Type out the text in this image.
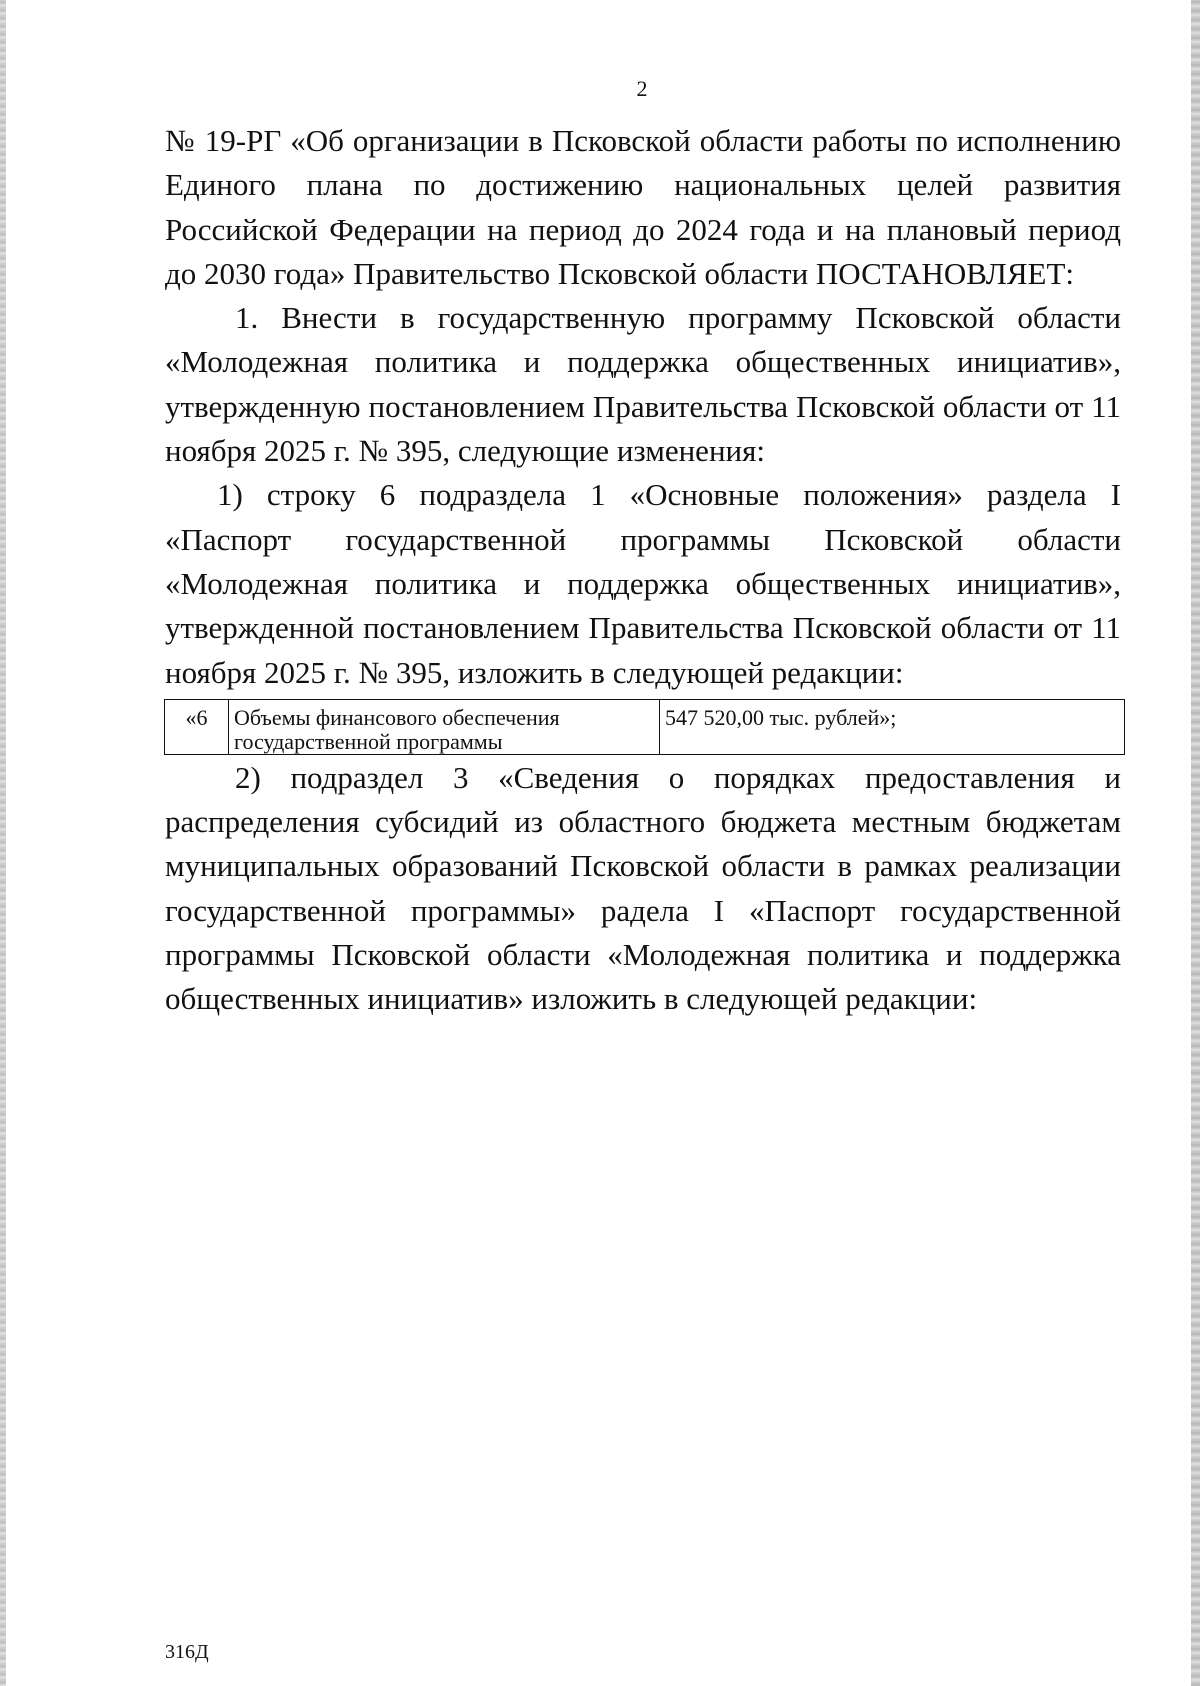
2

№ 19-РГ «Об организации в Псковской области работы по исполнению Единого плана по достижению национальных целей развития Российской Федерации на период до 2024 года и на плановый период до 2030 года» Правительство Псковской области ПОСТАНОВЛЯЕТ:

1. Внести в государственную программу Псковской области «Молодежная политика и поддержка общественных инициатив», утвержденную постановлением Правительства Псковской области от 11 ноября 2025 г. № 395, следующие изменения:

1) строку 6 подраздела 1 «Основные положения» раздела I «Паспорт государственной программы Псковской области «Молодежная политика и поддержка общественных инициатив», утвержденной постановлением Правительства Псковской области от 11 ноября 2025 г. № 395, изложить в следующей редакции:

«6	Объемы финансового обеспечения государственной программы	547 520,00 тыс. рублей»;

2) подраздел 3 «Сведения о порядках предоставления и распределения субсидий из областного бюджета местным бюджетам муниципальных образований Псковской области в рамках реализации государственной программы» радела I «Паспорт государственной программы Псковской области «Молодежная политика и поддержка общественных инициатив» изложить в следующей редакции:

316Д
